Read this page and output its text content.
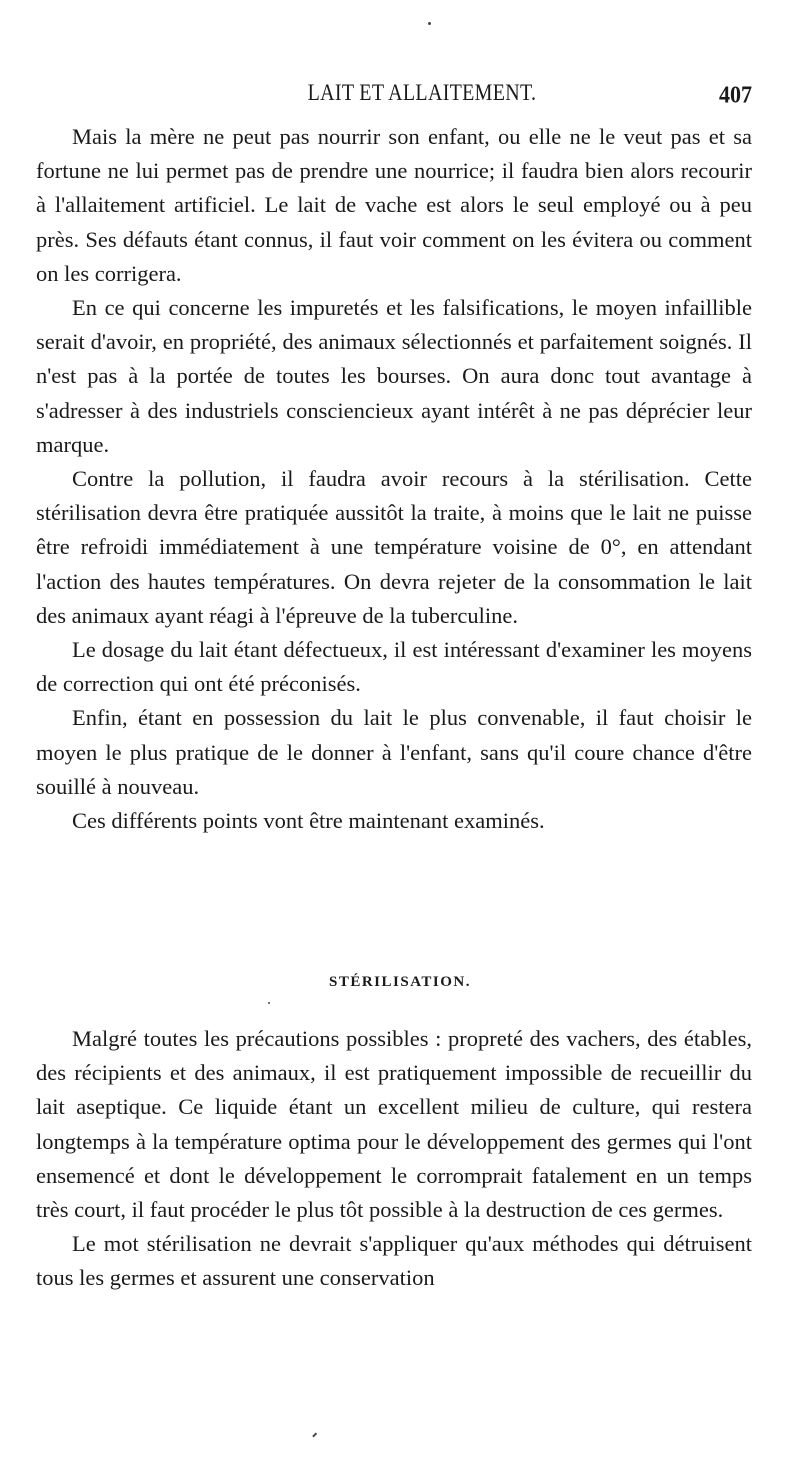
LAIT ET ALLAITEMENT.	407

Mais la mère ne peut pas nourrir son enfant, ou elle ne le veut pas et sa fortune ne lui permet pas de prendre une nourrice; il faudra bien alors recourir à l'allaitement artificiel. Le lait de vache est alors le seul employé ou à peu près. Ses défauts étant connus, il faut voir comment on les évitera ou comment on les corrigera.

En ce qui concerne les impuretés et les falsifications, le moyen infaillible serait d'avoir, en propriété, des animaux sélectionnés et parfaitement soignés. Il n'est pas à la portée de toutes les bourses. On aura donc tout avantage à s'adresser à des industriels consciencieux ayant intérêt à ne pas déprécier leur marque.

Contre la pollution, il faudra avoir recours à la stérilisation. Cette stérilisation devra être pratiquée aussitôt la traite, à moins que le lait ne puisse être refroidi immédiatement à une température voisine de 0°, en attendant l'action des hautes températures. On devra rejeter de la consommation le lait des animaux ayant réagi à l'épreuve de la tuberculine.

Le dosage du lait étant défectueux, il est intéressant d'examiner les moyens de correction qui ont été préconisés.

Enfin, étant en possession du lait le plus convenable, il faut choisir le moyen le plus pratique de le donner à l'enfant, sans qu'il coure chance d'être souillé à nouveau.

Ces différents points vont être maintenant examinés.

STÉRILISATION.

Malgré toutes les précautions possibles : propreté des vachers, des étables, des récipients et des animaux, il est pratiquement impossible de recueillir du lait aseptique. Ce liquide étant un excellent milieu de culture, qui restera longtemps à la température optima pour le développement des germes qui l'ont ensemencé et dont le développement le corromprait fatalement en un temps très court, il faut procéder le plus tôt possible à la destruction de ces germes.

Le mot stérilisation ne devrait s'appliquer qu'aux méthodes qui détruisent tous les germes et assurent une conservation
